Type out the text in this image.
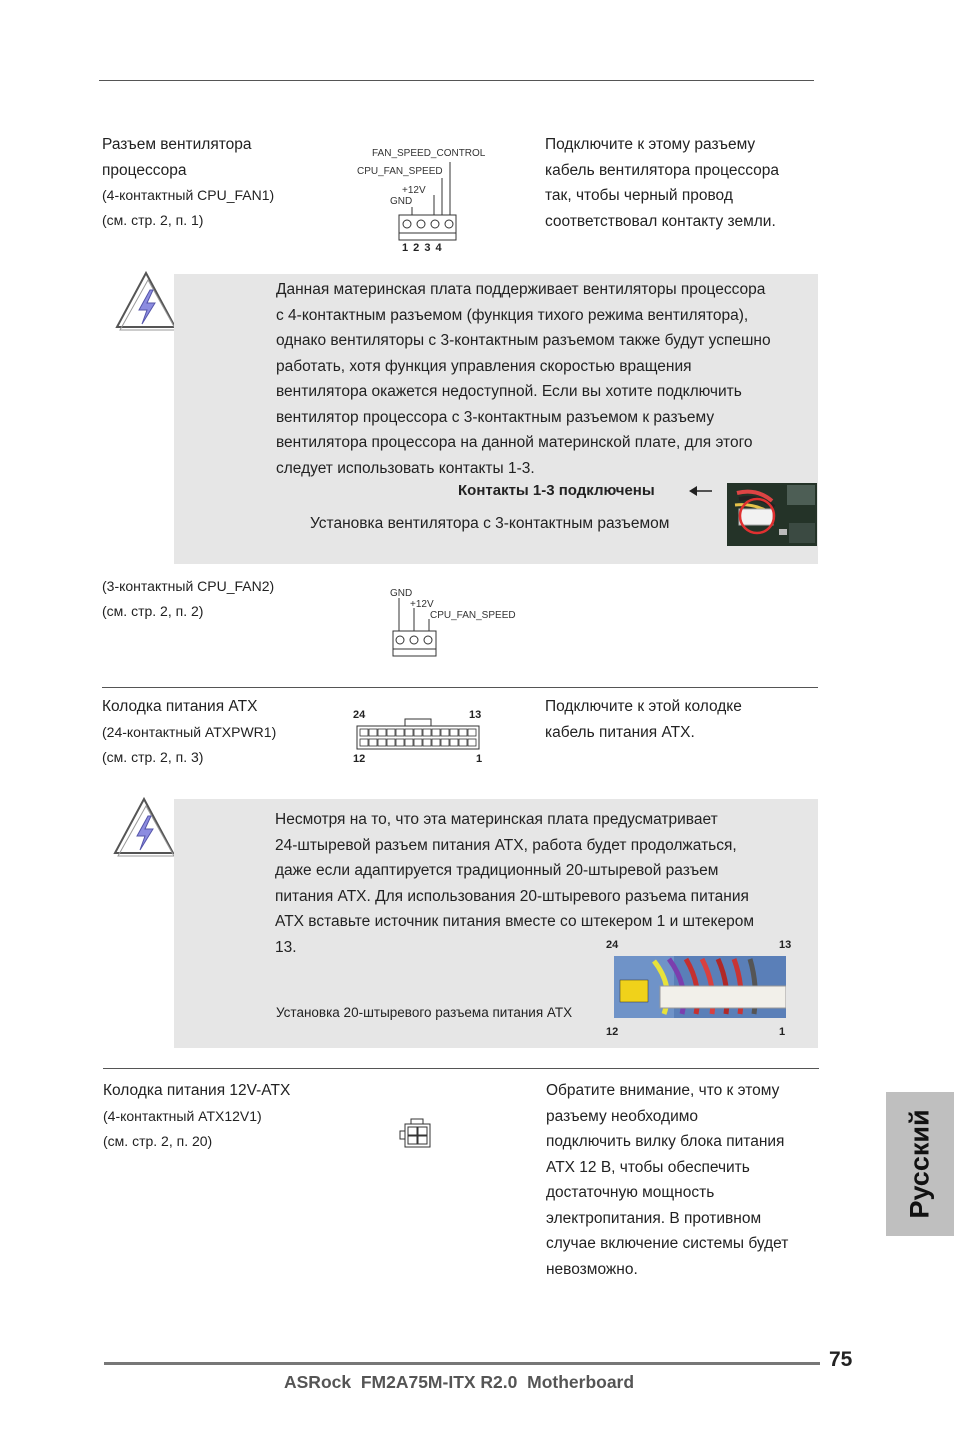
Разъем вентилятора
процессора
(4-контактный CPU_FAN1)
(см. стр. 2, п. 1)
FAN_SPEED_CONTROL
CPU_FAN_SPEED
+12V
GND
1 2 3 4
Подключите к этому разъему
кабель вентилятора процессора
так, чтобы черный провод
соответствовал контакту земли.
Данная материнская плата поддерживает вентиляторы процессора
с 4-контактным разъемом (функция тихого режима вентилятора),
однако вентиляторы с 3-контактным разъемом также будут успешно
работать, хотя функция управления скоростью вращения
вентилятора окажется недоступной. Если вы хотите подключить
вентилятор процессора с 3-контактным разъемом к разъему
вентилятора процессора на данной материнской плате, для этого
следует использовать контакты 1-3.
Контакты 1-3 подключены
Установка вентилятора с 3-контактным разъемом
(3-контактный CPU_FAN2)
(см. стр. 2, п. 2)
GND
+12V
CPU_FAN_SPEED
Колодка питания ATX
(24-контактный ATXPWR1)
(см. стр. 2, п. 3)
24	13
12	1
Подключите к этой колодке
кабель питания ATX.
Несмотря на то, что эта материнская плата предусматривает
24-штыревой разъем питания ATX, работа будет продолжаться,
даже если адаптируется традиционный 20-штыревой разъем
питания ATX. Для использования 20-штыревого разъема питания
ATX вставьте источник питания вместе со штекером 1 и штекером
13.
Установка 20-штыревого разъема питания ATX
24	13
12	1
Колодка питания 12V-ATX
(4-контактный ATX12V1)
(см. стр. 2, п. 20)
Обратите внимание, что к этому
разъему необходимо
подключить вилку блока питания
ATX 12 В, чтобы обеспечить
достаточную мощность
электропитания. В противном
случае включение системы будет
невозможно.
Русский
75
ASRock  FM2A75M-ITX R2.0  Motherboard
